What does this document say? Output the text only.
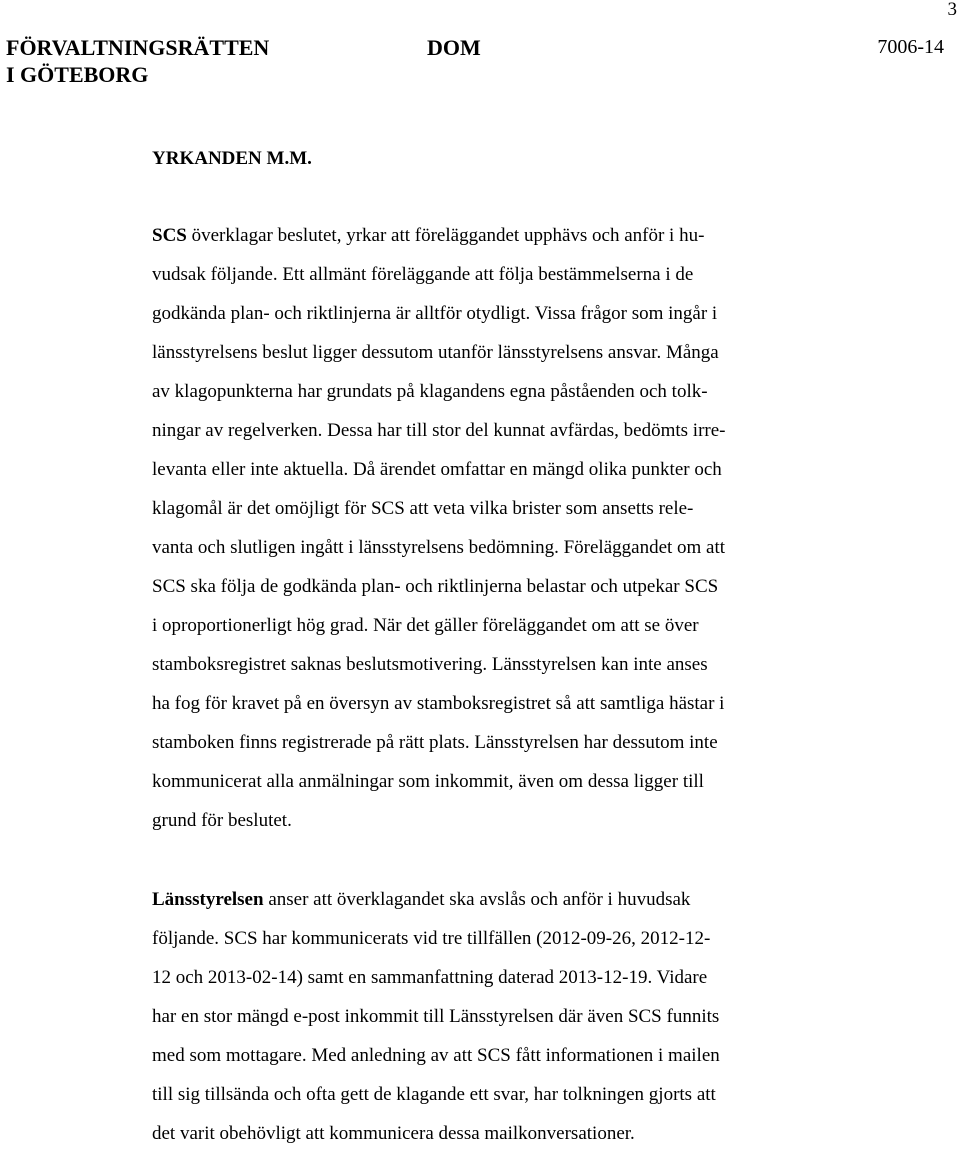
3
FÖRVALTNINGSRÄTTEN
I GÖTEBORG
DOM	7006-14
YRKANDEN M.M.
SCS överklagar beslutet, yrkar att föreläggandet upphävs och anför i hu-
vudsak följande. Ett allmänt föreläggande att följa bestämmelserna i de
godkända plan- och riktlinjerna är alltför otydligt. Vissa frågor som ingår i
länsstyrelsens beslut ligger dessutom utanför länsstyrelsens ansvar. Många
av klagopunkterna har grundats på klagandens egna påståenden och tolk-
ningar av regelverken. Dessa har till stor del kunnat avfärdas, bedömts irre-
levanta eller inte aktuella. Då ärendet omfattar en mängd olika punkter och
klagomål är det omöjligt för SCS att veta vilka brister som ansetts rele-
vanta och slutligen ingått i länsstyrelsens bedömning. Föreläggandet om att
SCS ska följa de godkända plan- och riktlinjerna belastar och utpekar SCS
i oproportionerligt hög grad. När det gäller föreläggandet om att se över
stamboksregistret saknas beslutsmotivering. Länsstyrelsen kan inte anses
ha fog för kravet på en översyn av stamboksregistret så att samtliga hästar i
stamboken finns registrerade på rätt plats. Länsstyrelsen har dessutom inte
kommunicerat alla anmälningar som inkommit, även om dessa ligger till
grund för beslutet.
Länsstyrelsen anser att överklagandet ska avslås och anför i huvudsak
följande. SCS har kommunicerats vid tre tillfällen (2012-09-26, 2012-12-
12 och 2013-02-14) samt en sammanfattning daterad 2013-12-19. Vidare
har en stor mängd e-post inkommit till Länsstyrelsen där även SCS funnits
med som mottagare. Med anledning av att SCS fått informationen i mailen
till sig tillsända och ofta gett de klagande ett svar, har tolkningen gjorts att
det varit obehövligt att kommunicera dessa mailkonversationer.
